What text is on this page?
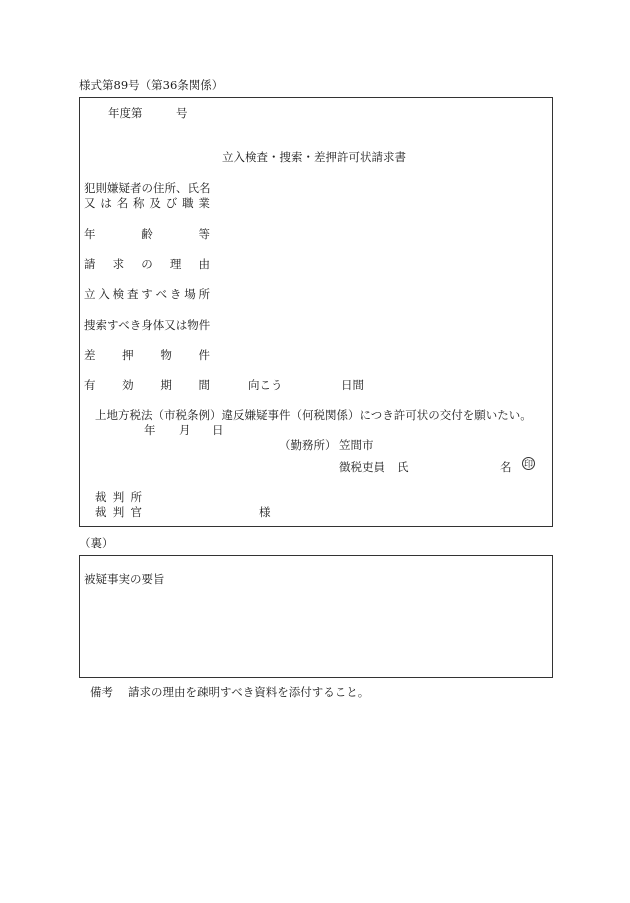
様式第89号（第36条関係）
年度第	号
立入検査・捜索・差押許可状請求書
犯則嫌疑者の住所、氏名
又 は 名 称 及 び 職 業
年	齢	等
請 求 の 理 由
立 入 検 査 す べ き 場 所
捜索すべき身体又は物件
差 押 物 件
有 効 期 間	向こう	日間
上地方税法（市税条例）違反嫌疑事件（何税関係）につき許可状の交付を願いたい。
年 月 日
（勤務所） 笠間市
徴税吏員 氏	名 印
裁 判 所
裁 判 官	様
（裏）
被疑事実の要旨
備考 請求の理由を疎明すべき資料を添付すること。
